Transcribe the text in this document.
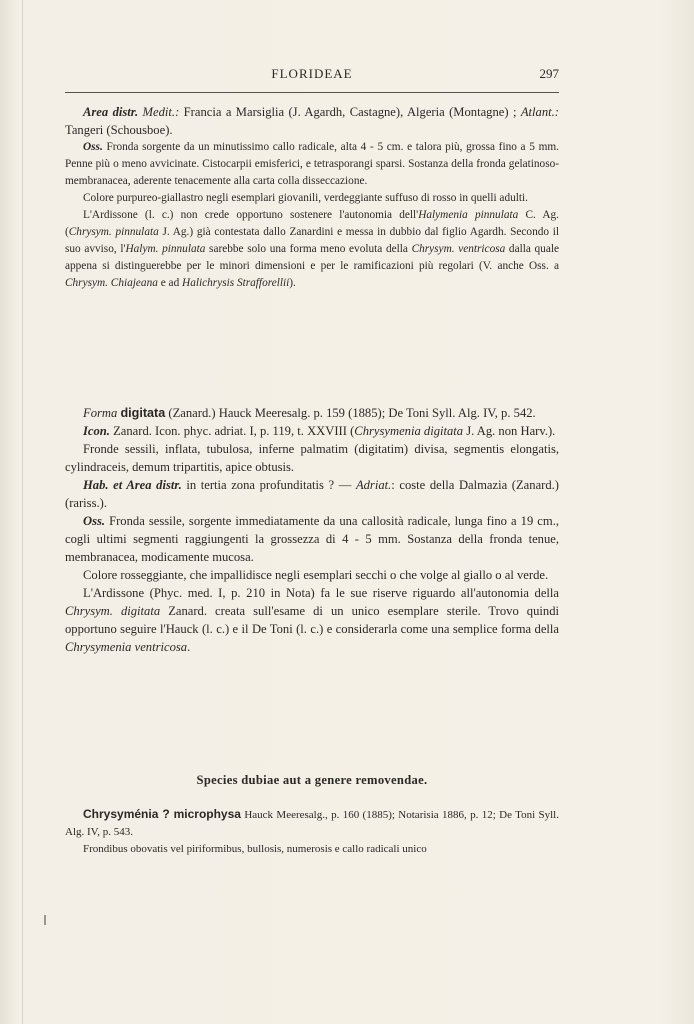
FLORIDEAE	297

Area distr. Medit.: Francia a Marsiglia (J. Agardh, Castagne), Algeria (Montagne) ; Atlant.: Tangeri (Schousboe).

Oss. Fronda sorgente da un minutissimo callo radicale, alta 4 - 5 cm. e talora più, grossa fino a 5 mm. Penne più o meno avvicinate. Cistocarpii emisferici, e tetrasporangi sparsi. Sostanza della fronda gelatinoso-membranacea, aderente tenacemente alla carta colla disseccazione.

Colore purpureo-giallastro negli esemplari giovanili, verdeggiante suffuso di rosso in quelli adulti.

L'Ardissone (l. c.) non crede opportuno sostenere l'autonomia dell'Halymenia pinnulata C. Ag. (Chrysym. pinnulata J. Ag.) già contestata dallo Zanardini e messa in dubbio dal figlio Agardh. Secondo il suo avviso, l'Halym. pinnulata sarebbe solo una forma meno evoluta della Chrysym. ventricosa dalla quale appena si distinguerebbe per le minori dimensioni e per le ramificazioni più regolari (V. anche Oss. a Chrysym. Chiajeana e ad Halichrysis Strafforellii).

Forma digitata (Zanard.) Hauck Meeresalg. p. 159 (1885); De Toni Syll. Alg. IV, p. 542.

Icon. Zanard. Icon. phyc. adriat. I, p. 119, t. XXVIII (Chrysymenia digitata J. Ag. non Harv.).

Fronde sessili, inflata, tubulosa, inferne palmatim (digitatim) divisa, segmentis elongatis, cylindraceis, demum tripartitis, apice obtusis.

Hab. et Area distr. in tertia zona profunditatis ? — Adriat.: coste della Dalmazia (Zanard.) (rariss.).

Oss. Fronda sessile, sorgente immediatamente da una callosità radicale, lunga fino a 19 cm., cogli ultimi segmenti raggiungenti la grossezza di 4 - 5 mm. Sostanza della fronda tenue, membranacea, modicamente mucosa.

Colore rosseggiante, che impallidisce negli esemplari secchi o che volge al giallo o al verde.

L'Ardissone (Phyc. med. I, p. 210 in Nota) fa le sue riserve riguardo all'autonomia della Chrysym. digitata Zanard. creata sull'esame di un unico esemplare sterile. Trovo quindi opportuno seguire l'Hauck (l. c.) e il De Toni (l. c.) e considerarla come una semplice forma della Chrysymenia ventricosa.

Species dubiae aut a genere removendae.

Chrysyménia ? microphysa Hauck Meeresalg., p. 160 (1885); Notarisia 1886, p. 12; De Toni Syll. Alg. IV, p. 543.

Frondibus obovatis vel piriformibus, bullosis, numerosis e callo radicali unico
